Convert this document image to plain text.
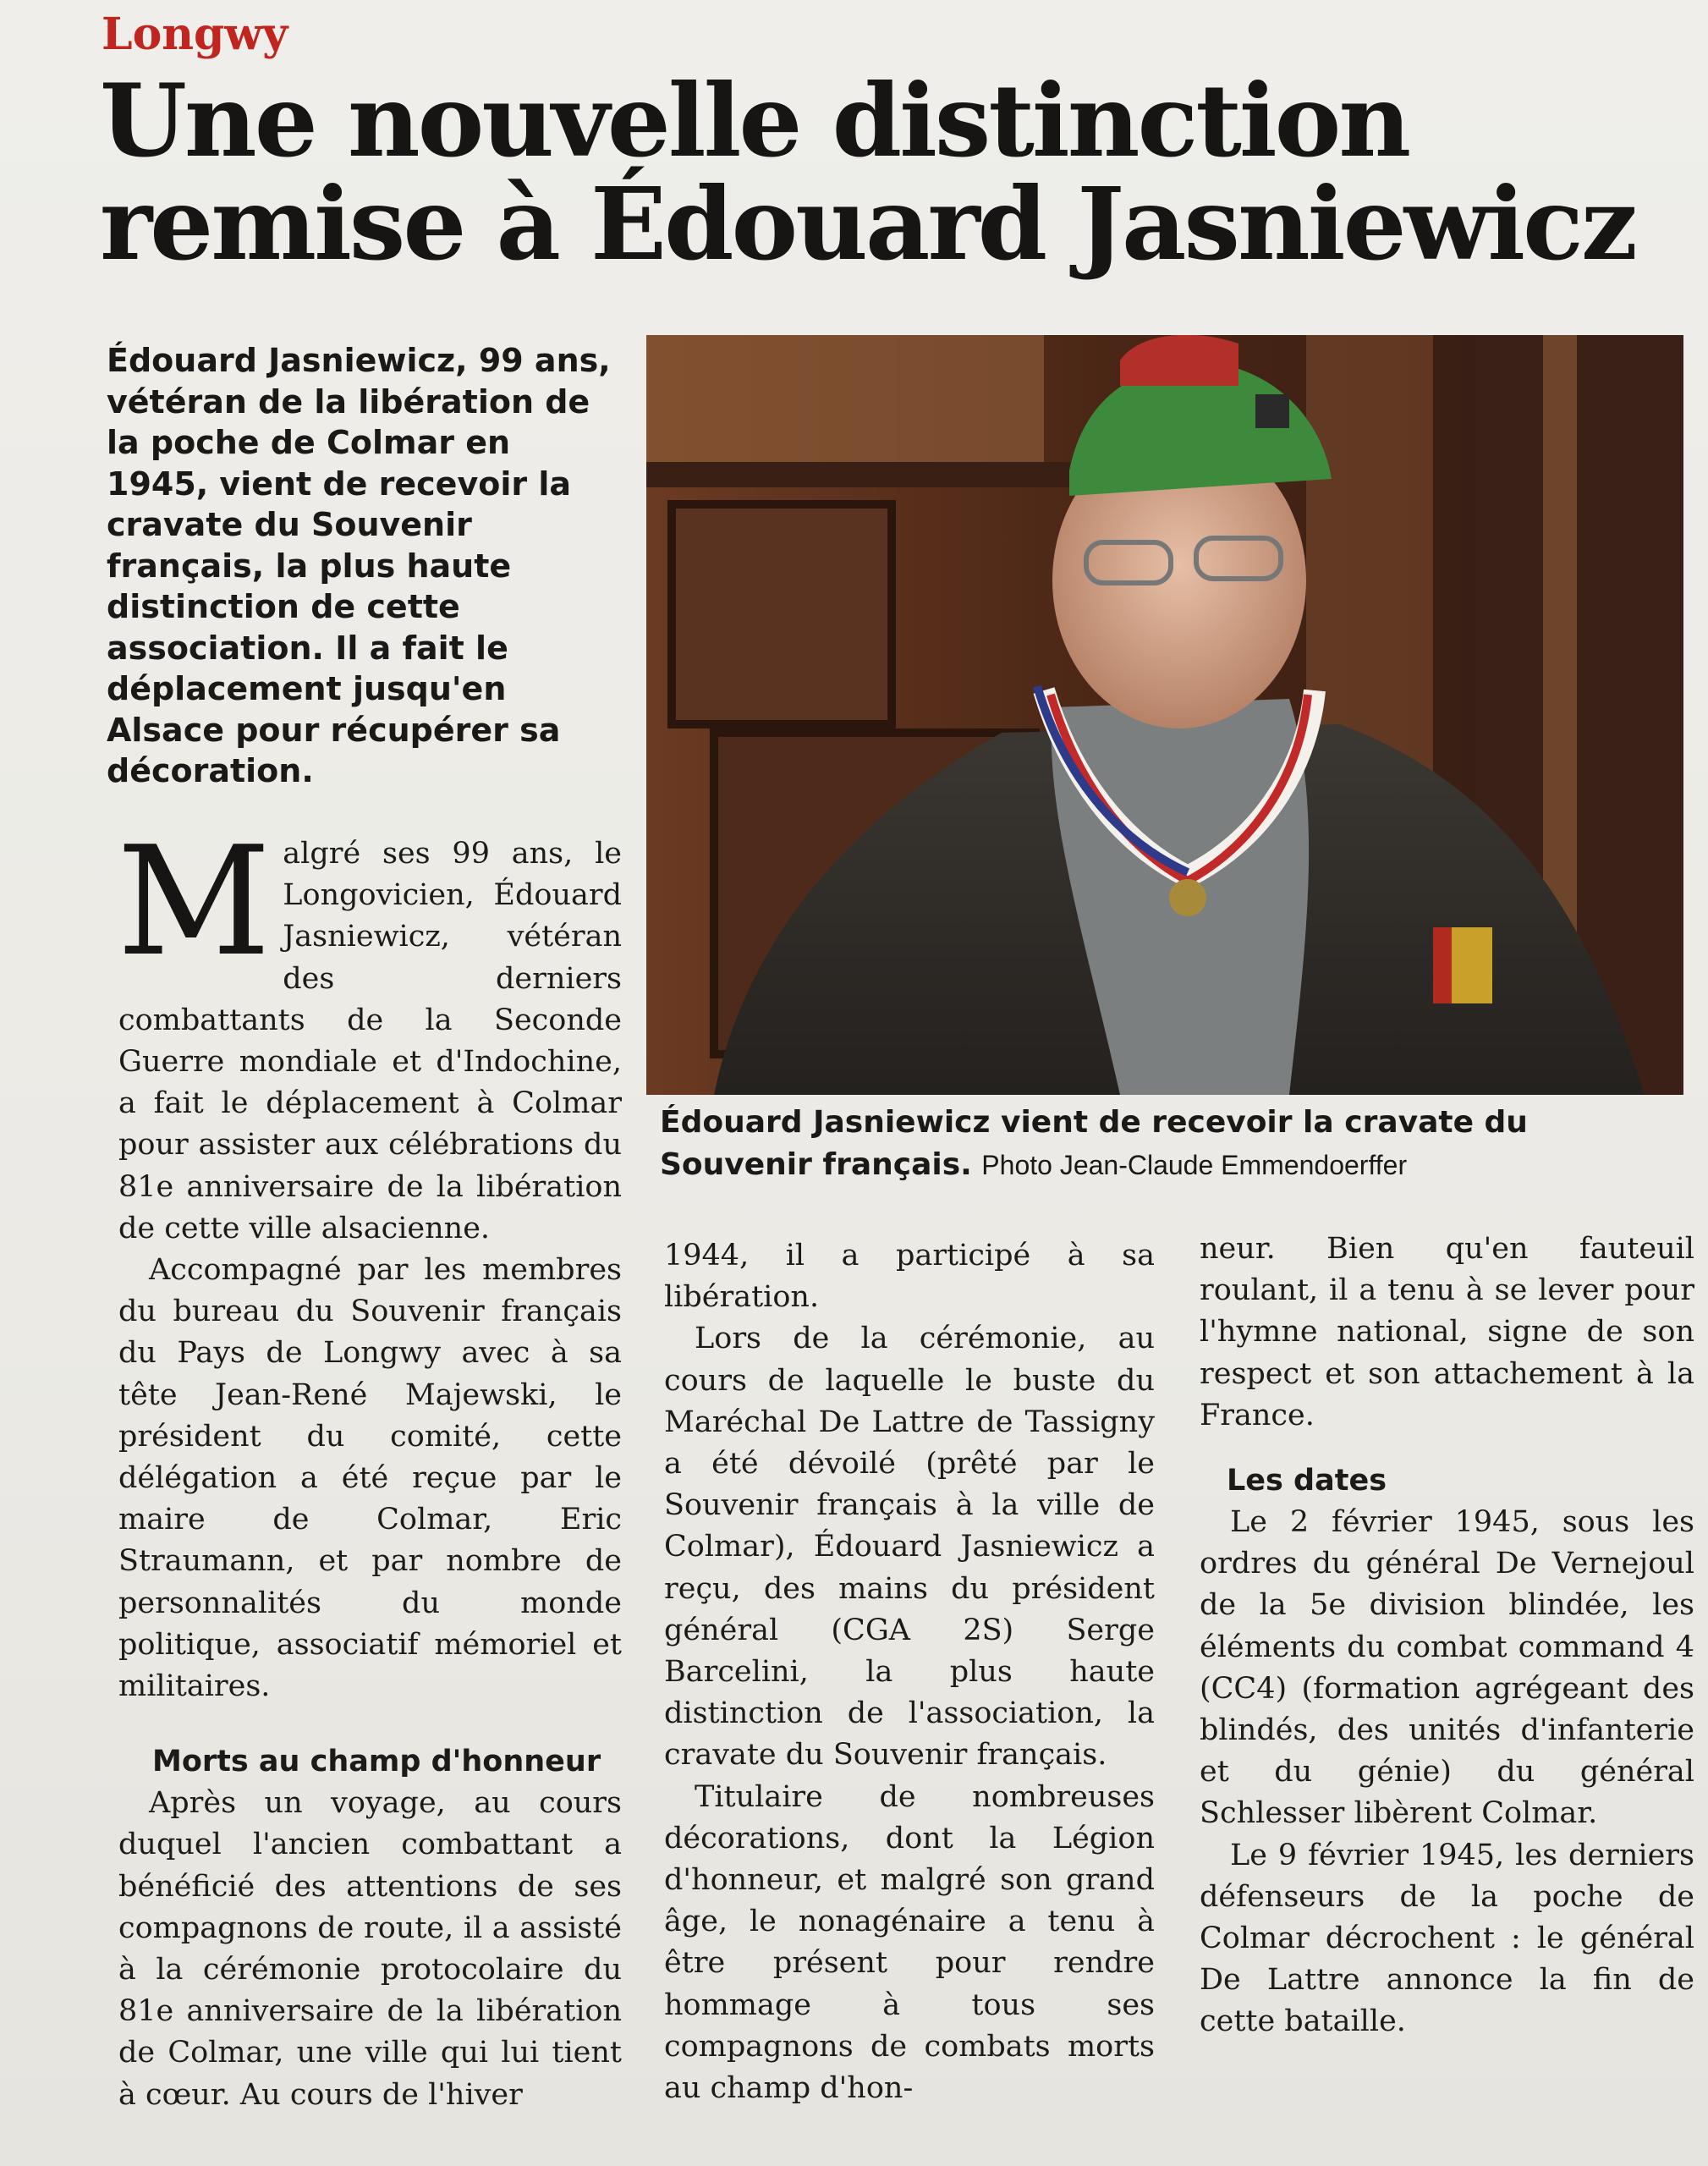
Longwy
Une nouvelle distinction remise à Édouard Jasniewicz
Édouard Jasniewicz, 99 ans, vétéran de la libération de la poche de Colmar en 1945, vient de recevoir la cravate du Souvenir français, la plus haute distinction de cette association. Il a fait le déplacement jusqu'en Alsace pour récupérer sa décoration.
Édouard Jasniewicz vient de recevoir la cravate du Souvenir français. Photo Jean-Claude Emmendoerffer
M algré ses 99 ans, le Longovicien, Édouard Jasniewicz, vétéran des derniers combattants de la Seconde Guerre mondiale et d'Indochine, a fait le déplacement à Colmar pour assister aux célébrations du 81e anniversaire de la libération de cette ville alsacienne.

Accompagné par les membres du bureau du Souvenir français du Pays de Longwy avec à sa tête Jean-René Majewski, le président du comité, cette délégation a été reçue par le maire de Colmar, Eric Straumann, et par nombre de personnalités du monde politique, associatif mémoriel et militaires.

Morts au champ d'honneur

Après un voyage, au cours duquel l'ancien combattant a bénéficié des attentions de ses compagnons de route, il a assisté à la cérémonie protocolaire du 81e anniversaire de la libération de Colmar, une ville qui lui tient à cœur. Au cours de l'hiver

1944, il a participé à sa libération.

Lors de la cérémonie, au cours de laquelle le buste du Maréchal De Lattre de Tassigny a été dévoilé (prêté par le Souvenir français à la ville de Colmar), Édouard Jasniewicz a reçu, des mains du président général (CGA 2S) Serge Barcelini, la plus haute distinction de l'association, la cravate du Souvenir français.

Titulaire de nombreuses décorations, dont la Légion d'honneur, et malgré son grand âge, le nonagénaire a tenu à être présent pour rendre hommage à tous ses compagnons de combats morts au champ d'hon-

neur. Bien qu'en fauteuil roulant, il a tenu à se lever pour l'hymne national, signe de son respect et son attachement à la France.

Les dates

Le 2 février 1945, sous les ordres du général De Vernejoul de la 5e division blindée, les éléments du combat command 4 (CC4) (formation agrégeant des blindés, des unités d'infanterie et du génie) du général Schlesser libèrent Colmar.

Le 9 février 1945, les derniers défenseurs de la poche de Colmar décrochent : le général De Lattre annonce la fin de cette bataille.
